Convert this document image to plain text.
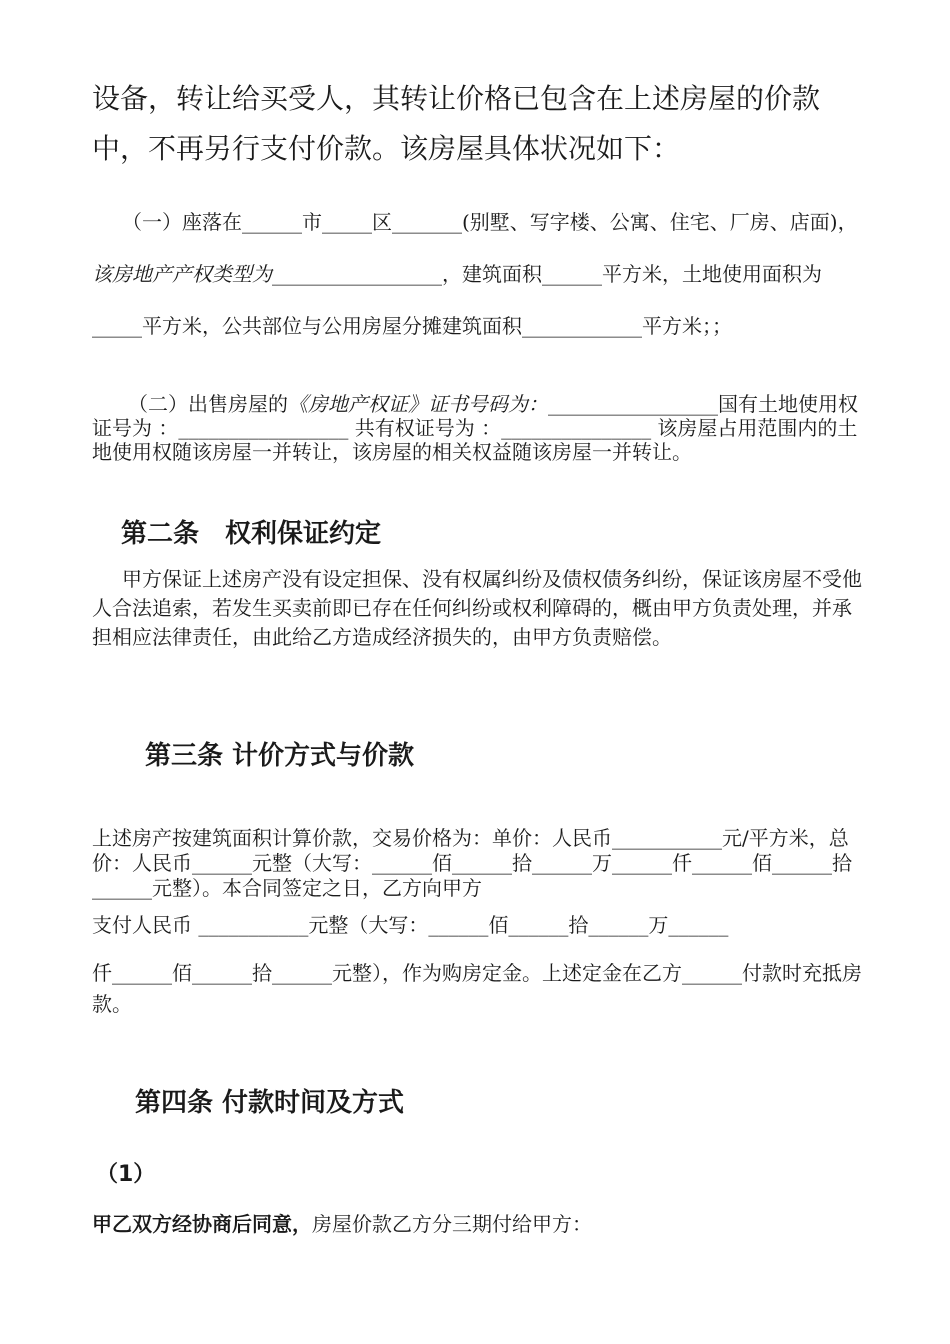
设备，转让给买受人，其转让价格已包含在上述房屋的价款中，不再另行支付价款。该房屋具体状况如下：

（一）座落在______市_____区_______(别墅、写字楼、公寓、住宅、厂房、店面)，该房地产产权类型为_________________，建筑面积______平方米，土地使用面积为_____平方米，公共部位与公用房屋分摊建筑面积____________平方米；；

（二）出售房屋的《房地产权证》证书号码为：_________________国有土地使用权证号为 ：_________________ 共有权证号为 ：_______________ 该房屋占用范围内的土地使用权随该房屋一并转让，该房屋的相关权益随该房屋一并转让。

第二条　权利保证约定

甲方保证上述房产没有设定担保、没有权属纠纷及债权债务纠纷，保证该房屋不受他人合法追索，若发生买卖前即已存在任何纠纷或权利障碍的，概由甲方负责处理，并承担相应法律责任，由此给乙方造成经济损失的，由甲方负责赔偿。

第三条 计价方式与价款

上述房产按建筑面积计算价款，交易价格为：单价：人民币___________元/平方米，总价：人民币______元整（大写：______佰______拾______万______仟______佰______拾______元整）。本合同签定之日，乙方向甲方

支付人民币 ___________元整（大写：______佰______拾______万______

仟______佰______拾______元整），作为购房定金。上述定金在乙方______付款时充抵房款。

第四条 付款时间及方式

（1）

甲乙双方经协商后同意，房屋价款乙方分三期付给甲方：
